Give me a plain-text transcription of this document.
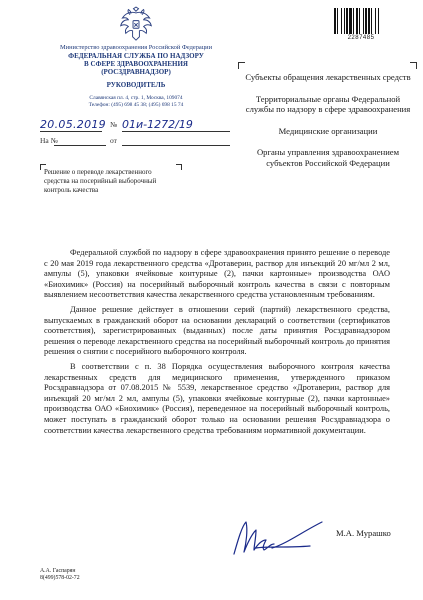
Министерство здравоохранения Российской Федерации
ФЕДЕРАЛЬНАЯ СЛУЖБА ПО НАДЗОРУ
В СФЕРЕ ЗДРАВООХРАНЕНИЯ
(РОСЗДРАВНАДЗОР)
РУКОВОДИТЕЛЬ
Славянская пл. 4, стр. 1, Москва, 109074
Телефон: (495) 698 45 38; (495) 698 15 74
20.05.2019 № 01и-1272/19
На №	от
Решение о переводе лекарственного средства на посерийный выборочный контроль качества
2287485
Субъекты обращения лекарственных средств
Территориальные органы Федеральной службы по надзору в сфере здравоохранения
Медицинские организации
Органы управления здравоохранением субъектов Российской Федерации

Федеральной службой по надзору в сфере здравоохранения принято решение о переводе с 20 мая 2019 года лекарственного средства «Дротаверин, раствор для инъекций 20 мг/мл 2 мл, ампулы (5), упаковки ячейковые контурные (2), пачки картонные» производства ОАО «Биохимик» (Россия) на посерийный выборочный контроль качества в связи с повторным выявлением несоответствия качества лекарственного средства установленным требованиям.

Данное решение действует в отношении серий (партий) лекарственного средства, выпускаемых в гражданский оборот на основании деклараций о соответствии (сертификатов соответствия), зарегистрированных (выданных) после даты принятия Росздравнадзором решения о переводе лекарственного средства на посерийный выборочный контроль до принятия решения о снятии с посерийного выборочного контроля.

В соответствии с п. 38 Порядка осуществления выборочного контроля качества лекарственных средств для медицинского применения, утвержденного приказом Росздравнадзора от 07.08.2015 № 5539, лекарственное средство «Дротаверин, раствор для инъекций 20 мг/мл 2 мл, ампулы (5), упаковки ячейковые контурные (2), пачки картонные» производства ОАО «Биохимик» (Россия), переведенное на посерийный выборочный контроль, может поступать в гражданский оборот только на основании решения Росздравнадзора о соответствии качества лекарственного средства требованиям нормативной документации.

М.А. Мурашко
А.А. Гаспарян
8(499)578-02-72
